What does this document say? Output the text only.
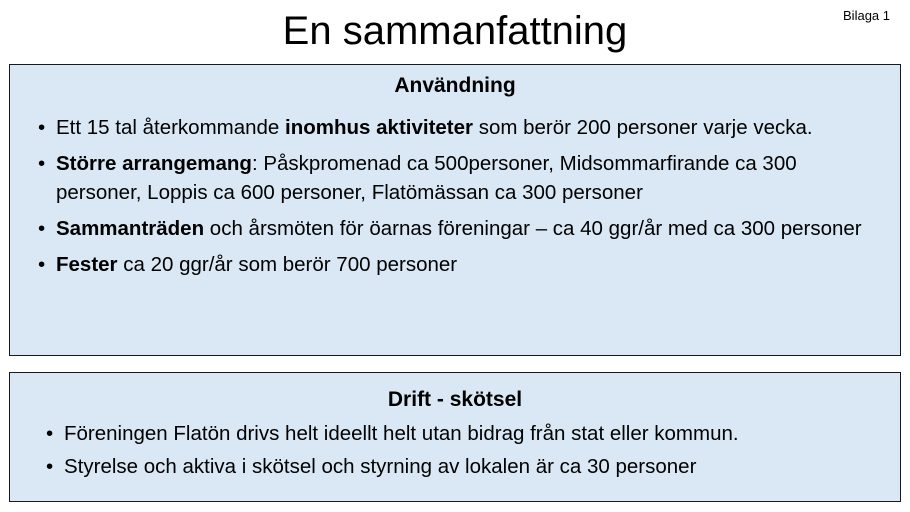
En sammanfattning	Bilaga 1
Användning
• Ett 15 tal återkommande inomhus aktiviteter som berör 200 personer varje vecka.
• Större arrangemang: Påskpromenad ca 500personer, Midsommarfirande ca 300 personer, Loppis ca 600 personer, Flatömässan ca 300 personer
• Sammanträden och årsmöten för öarnas föreningar – ca 40 ggr/år med ca 300 personer
• Fester ca 20 ggr/år som berör 700 personer
Drift - skötsel
• Föreningen Flatön drivs helt ideellt helt utan bidrag från stat eller kommun.
• Styrelse och aktiva i skötsel och styrning av lokalen är ca 30 personer
